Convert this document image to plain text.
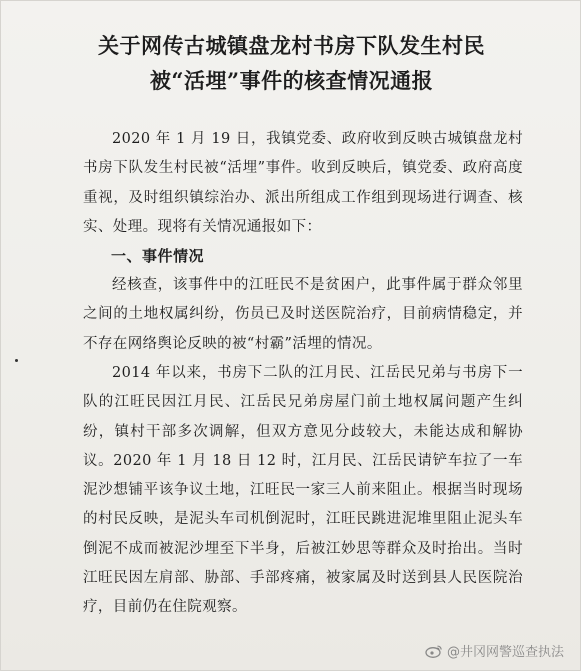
关于网传古城镇盘龙村书房下队发生村民
被“活埋”事件的核查情况通报

2020 年 1 月 19 日，我镇党委、政府收到反映古城镇盘龙村书房下队发生村民被“活埋”事件。收到反映后，镇党委、政府高度重视，及时组织镇综治办、派出所组成工作组到现场进行调查、核实、处理。现将有关情况通报如下：

一、事件情况

经核查，该事件中的江旺民不是贫困户，此事件属于群众邻里之间的土地权属纠纷，伤员已及时送医院治疗，目前病情稳定，并不存在网络舆论反映的被“村霸”活埋的情况。

2014 年以来，书房下二队的江月民、江岳民兄弟与书房下一队的江旺民因江月民、江岳民兄弟房屋门前土地权属问题产生纠纷，镇村干部多次调解，但双方意见分歧较大，未能达成和解协议。2020 年 1 月 18 日 12 时，江月民、江岳民请铲车拉了一车泥沙想铺平该争议土地，江旺民一家三人前来阻止。根据当时现场的村民反映，是泥头车司机倒泥时，江旺民跳进泥堆里阻止泥头车倒泥不成而被泥沙埋至下半身，后被江妙思等群众及时抬出。当时江旺民因左肩部、胁部、手部疼痛，被家属及时送到县人民医院治疗，目前仍在住院观察。

@井冈网警巡查执法
